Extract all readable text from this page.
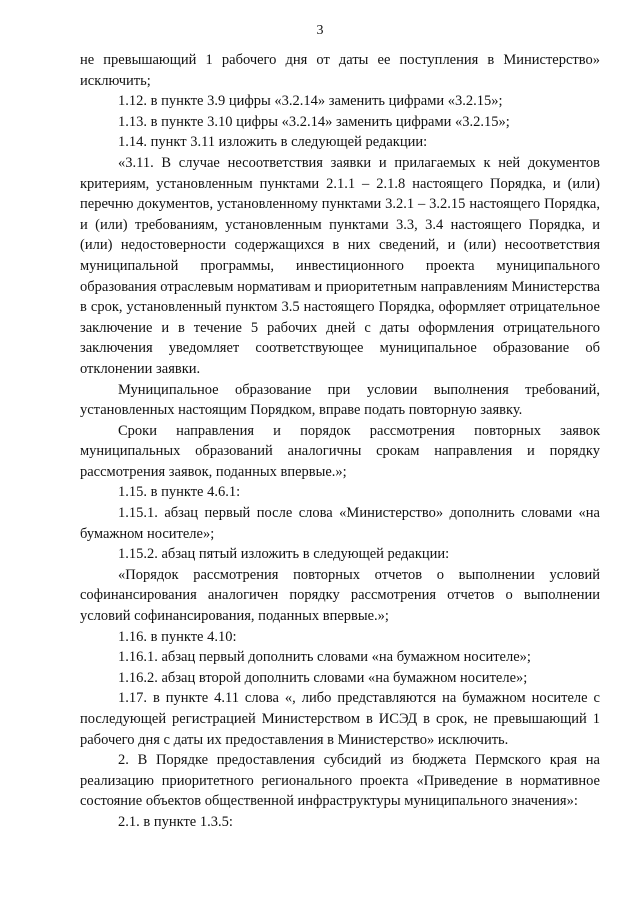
3

не превышающий 1 рабочего дня от даты ее поступления в Министерство» исключить;

1.12. в пункте 3.9 цифры «3.2.14» заменить цифрами «3.2.15»;

1.13. в пункте 3.10 цифры «3.2.14» заменить цифрами «3.2.15»;

1.14. пункт 3.11 изложить в следующей редакции:

«3.11. В случае несоответствия заявки и прилагаемых к ней документов критериям, установленным пунктами 2.1.1 – 2.1.8 настоящего Порядка, и (или) перечню документов, установленному пунктами 3.2.1 – 3.2.15 настоящего Порядка, и (или) требованиям, установленным пунктами 3.3, 3.4 настоящего Порядка, и (или) недостоверности содержащихся в них сведений, и (или) несоответствия муниципальной программы, инвестиционного проекта муниципального образования отраслевым нормативам и приоритетным направлениям Министерства в срок, установленный пунктом 3.5 настоящего Порядка, оформляет отрицательное заключение и в течение 5 рабочих дней с даты оформления отрицательного заключения уведомляет соответствующее муниципальное образование об отклонении заявки.

Муниципальное образование при условии выполнения требований, установленных настоящим Порядком, вправе подать повторную заявку.

Сроки направления и порядок рассмотрения повторных заявок муниципальных образований аналогичны срокам направления и порядку рассмотрения заявок, поданных впервые.»;

1.15. в пункте 4.6.1:

1.15.1. абзац первый после слова «Министерство» дополнить словами «на бумажном носителе»;

1.15.2. абзац пятый изложить в следующей редакции:

«Порядок рассмотрения повторных отчетов о выполнении условий софинансирования аналогичен порядку рассмотрения отчетов о выполнении условий софинансирования, поданных впервые.»;

1.16. в пункте 4.10:

1.16.1. абзац первый дополнить словами «на бумажном носителе»;

1.16.2. абзац второй дополнить словами «на бумажном носителе»;

1.17. в пункте 4.11 слова «, либо представляются на бумажном носителе с последующей регистрацией Министерством в ИСЭД в срок, не превышающий 1 рабочего дня с даты их предоставления в Министерство» исключить.

2. В Порядке предоставления субсидий из бюджета Пермского края на реализацию приоритетного регионального проекта «Приведение в нормативное состояние объектов общественной инфраструктуры муниципального значения»:

2.1. в пункте 1.3.5:
